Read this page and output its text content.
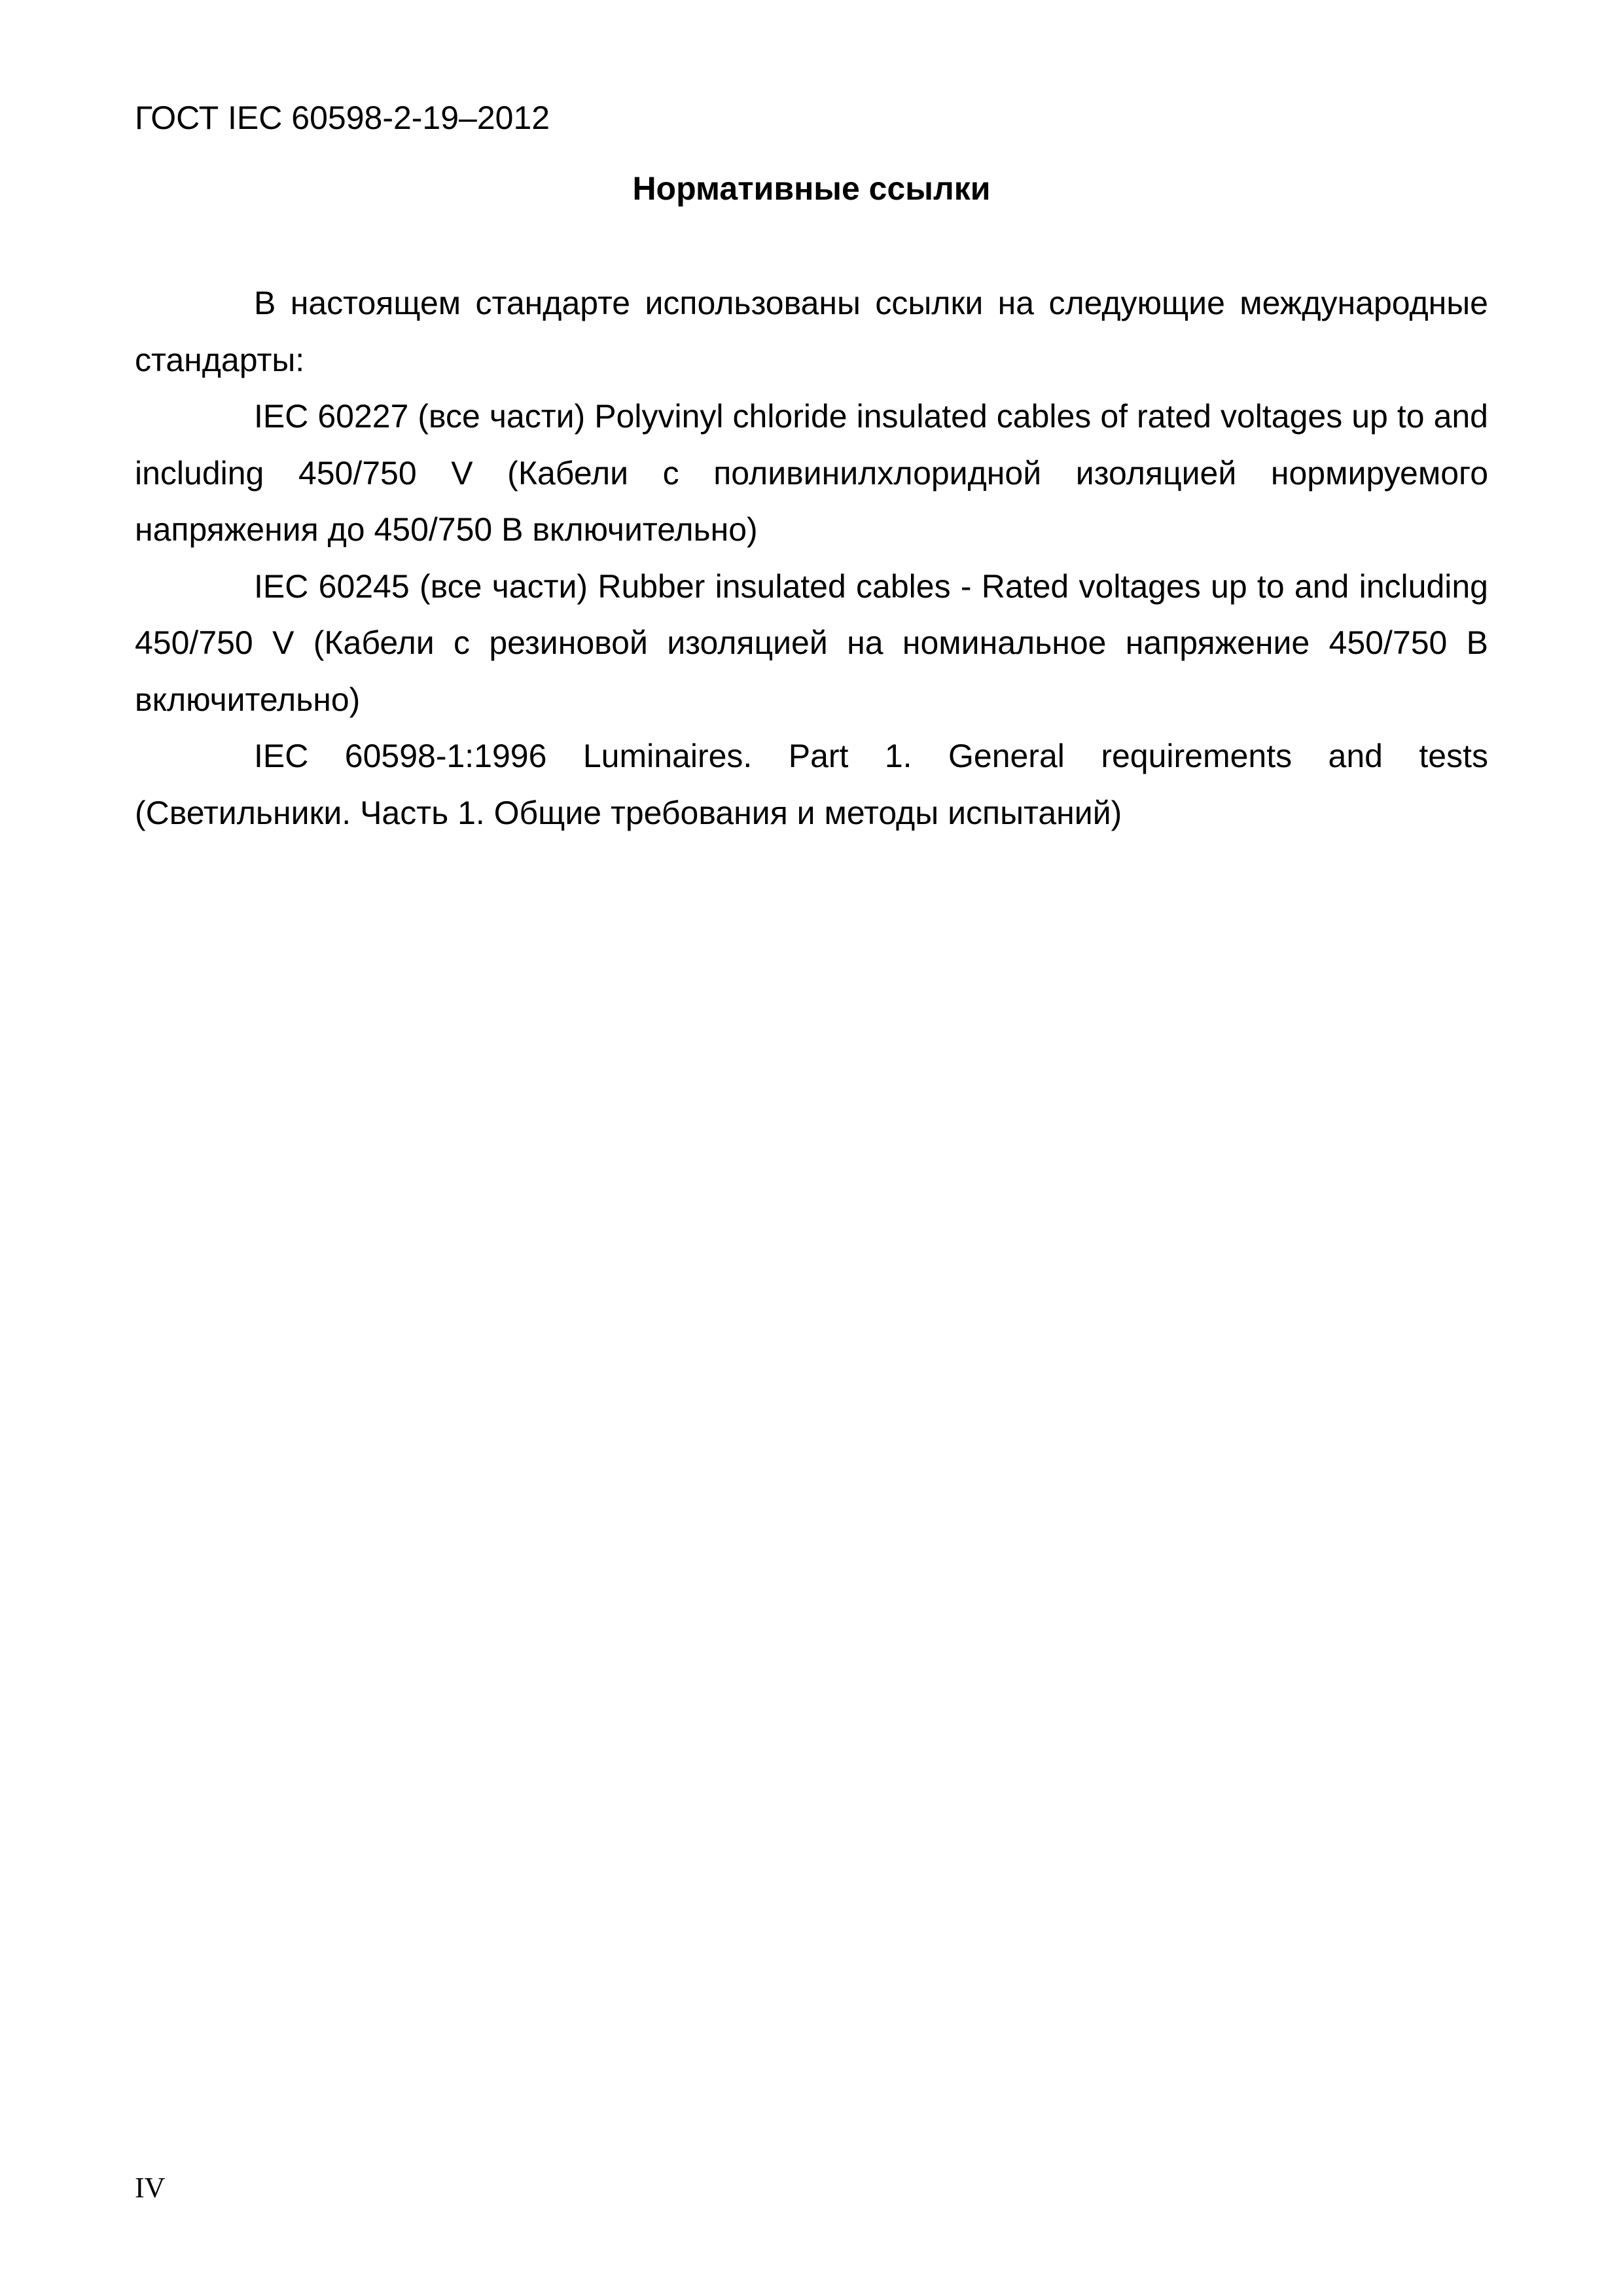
ГОСТ IEC 60598-2-19–2012
Нормативные ссылки

В настоящем стандарте использованы ссылки на следующие международные стандарты:

IEC 60227 (все части) Polyvinyl chloride insulated cables of rated voltages up to and including 450/750 V (Кабели с поливинилхлоридной изоляцией нормируемого напряжения до 450/750 В включительно)

IEC 60245 (все части) Rubber insulated cables - Rated voltages up to and including 450/750 V (Кабели с резиновой изоляцией на номинальное напряжение 450/750 В включительно)

IEC 60598-1:1996 Luminaires. Part 1. General requirements and tests (Светильники. Часть 1. Общие требования и методы испытаний)

IV
